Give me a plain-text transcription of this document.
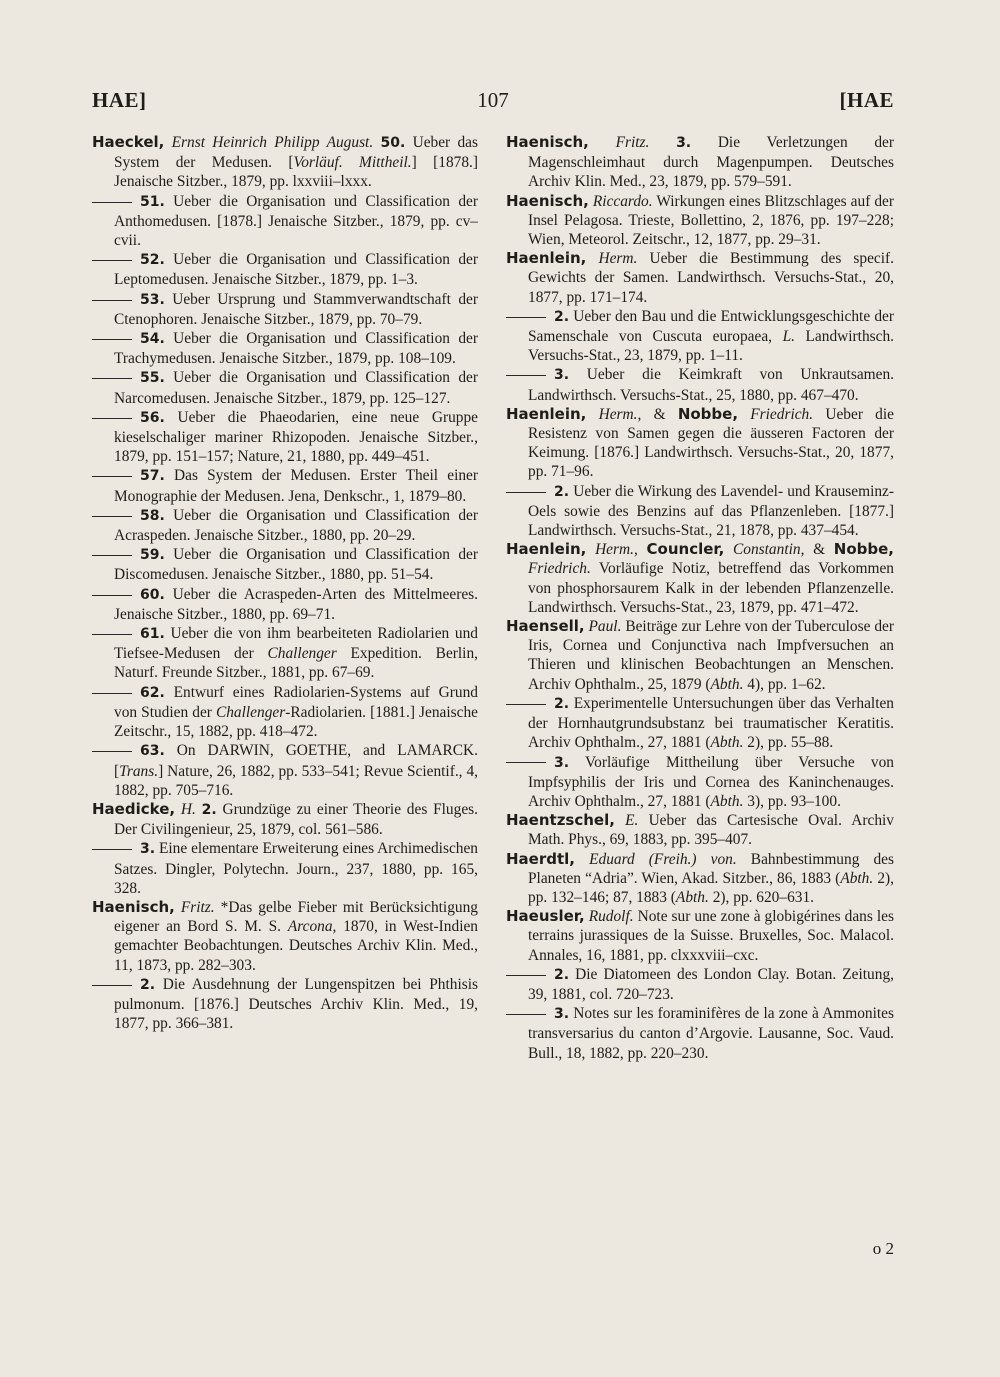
HAE]	107	[HAE

Haeckel, Ernst Heinrich Philipp August. 50. Ueber das System der Medusen. [Vorläuf. Mittheil.] [1878.] Jenaische Sitzber., 1879, pp. lxxviii–lxxx.

51. Ueber die Organisation und Classification der Anthomedusen. [1878.] Jenaische Sitzber., 1879, pp. cv–cvii.

52. Ueber die Organisation und Classification der Leptomedusen. Jenaische Sitzber., 1879, pp. 1–3.

53. Ueber Ursprung und Stammverwandtschaft der Ctenophoren. Jenaische Sitzber., 1879, pp. 70–79.

54. Ueber die Organisation und Classification der Trachymedusen. Jenaische Sitzber., 1879, pp. 108–109.

55. Ueber die Organisation und Classification der Narcomedusen. Jenaische Sitzber., 1879, pp. 125–127.

56. Ueber die Phaeodarien, eine neue Gruppe kieselschaliger mariner Rhizopoden. Jenaische Sitzber., 1879, pp. 151–157; Nature, 21, 1880, pp. 449–451.

57. Das System der Medusen. Erster Theil einer Monographie der Medusen. Jena, Denkschr., 1, 1879–80.

58. Ueber die Organisation und Classification der Acraspeden. Jenaische Sitzber., 1880, pp. 20–29.

59. Ueber die Organisation und Classification der Discomedusen. Jenaische Sitzber., 1880, pp. 51–54.

60. Ueber die Acraspeden-Arten des Mittelmeeres. Jenaische Sitzber., 1880, pp. 69–71.

61. Ueber die von ihm bearbeiteten Radiolarien und Tiefsee-Medusen der Challenger Expedition. Berlin, Naturf. Freunde Sitzber., 1881, pp. 67–69.

62. Entwurf eines Radiolarien-Systems auf Grund von Studien der Challenger-Radiolarien. [1881.] Jenaische Zeitschr., 15, 1882, pp. 418–472.

63. On DARWIN, GOETHE, and LAMARCK. [Trans.] Nature, 26, 1882, pp. 533–541; Revue Scientif., 4, 1882, pp. 705–716.

Haedicke, H. 2. Grundzüge zu einer Theorie des Fluges. Der Civilingenieur, 25, 1879, col. 561–586.

3. Eine elementare Erweiterung eines Archimedischen Satzes. Dingler, Polytechn. Journ., 237, 1880, pp. 165, 328.

Haenisch, Fritz. *Das gelbe Fieber mit Berücksichtigung eigener an Bord S. M. S. Arcona, 1870, in West-Indien gemachter Beobachtungen. Deutsches Archiv Klin. Med., 11, 1873, pp. 282–303.

2. Die Ausdehnung der Lungenspitzen bei Phthisis pulmonum. [1876.] Deutsches Archiv Klin. Med., 19, 1877, pp. 366–381.

Haenisch, Fritz. 3. Die Verletzungen der Magenschleimhaut durch Magenpumpen. Deutsches Archiv Klin. Med., 23, 1879, pp. 579–591.

Haenisch, Riccardo. Wirkungen eines Blitzschlages auf der Insel Pelagosa. Trieste, Bollettino, 2, 1876, pp. 197–228; Wien, Meteorol. Zeitschr., 12, 1877, pp. 29–31.

Haenlein, Herm. Ueber die Bestimmung des specif. Gewichts der Samen. Landwirthsch. Versuchs-Stat., 20, 1877, pp. 171–174.

2. Ueber den Bau und die Entwicklungsgeschichte der Samenschale von Cuscuta europaea, L. Landwirthsch. Versuchs-Stat., 23, 1879, pp. 1–11.

3. Ueber die Keimkraft von Unkrautsamen. Landwirthsch. Versuchs-Stat., 25, 1880, pp. 467–470.

Haenlein, Herm., & Nobbe, Friedrich. Ueber die Resistenz von Samen gegen die äusseren Factoren der Keimung. [1876.] Landwirthsch. Versuchs-Stat., 20, 1877, pp. 71–96.

2. Ueber die Wirkung des Lavendel- und Krauseminz-Oels sowie des Benzins auf das Pflanzenleben. [1877.] Landwirthsch. Versuchs-Stat., 21, 1878, pp. 437–454.

Haenlein, Herm., Councler, Constantin, & Nobbe, Friedrich. Vorläufige Notiz, betreffend das Vorkommen von phosphorsaurem Kalk in der lebenden Pflanzenzelle. Landwirthsch. Versuchs-Stat., 23, 1879, pp. 471–472.

Haensell, Paul. Beiträge zur Lehre von der Tuberculose der Iris, Cornea und Conjunctiva nach Impfversuchen an Thieren und klinischen Beobachtungen an Menschen. Archiv Ophthalm., 25, 1879 (Abth. 4), pp. 1–62.

2. Experimentelle Untersuchungen über das Verhalten der Hornhautgrundsubstanz bei traumatischer Keratitis. Archiv Ophthalm., 27, 1881 (Abth. 2), pp. 55–88.

3. Vorläufige Mittheilung über Versuche von Impfsyphilis der Iris und Cornea des Kaninchenauges. Archiv Ophthalm., 27, 1881 (Abth. 3), pp. 93–100.

Haentzschel, E. Ueber das Cartesische Oval. Archiv Math. Phys., 69, 1883, pp. 395–407.

Haerdtl, Eduard (Freih.) von. Bahnbestimmung des Planeten “Adria”. Wien, Akad. Sitzber., 86, 1883 (Abth. 2), pp. 132–146; 87, 1883 (Abth. 2), pp. 620–631.

Haeusler, Rudolf. Note sur une zone à globigérines dans les terrains jurassiques de la Suisse. Bruxelles, Soc. Malacol. Annales, 16, 1881, pp. clxxxviii–cxc.

2. Die Diatomeen des London Clay. Botan. Zeitung, 39, 1881, col. 720–723.

3. Notes sur les foraminifères de la zone à Ammonites transversarius du canton d’Argovie. Lausanne, Soc. Vaud. Bull., 18, 1882, pp. 220–230.

o 2
